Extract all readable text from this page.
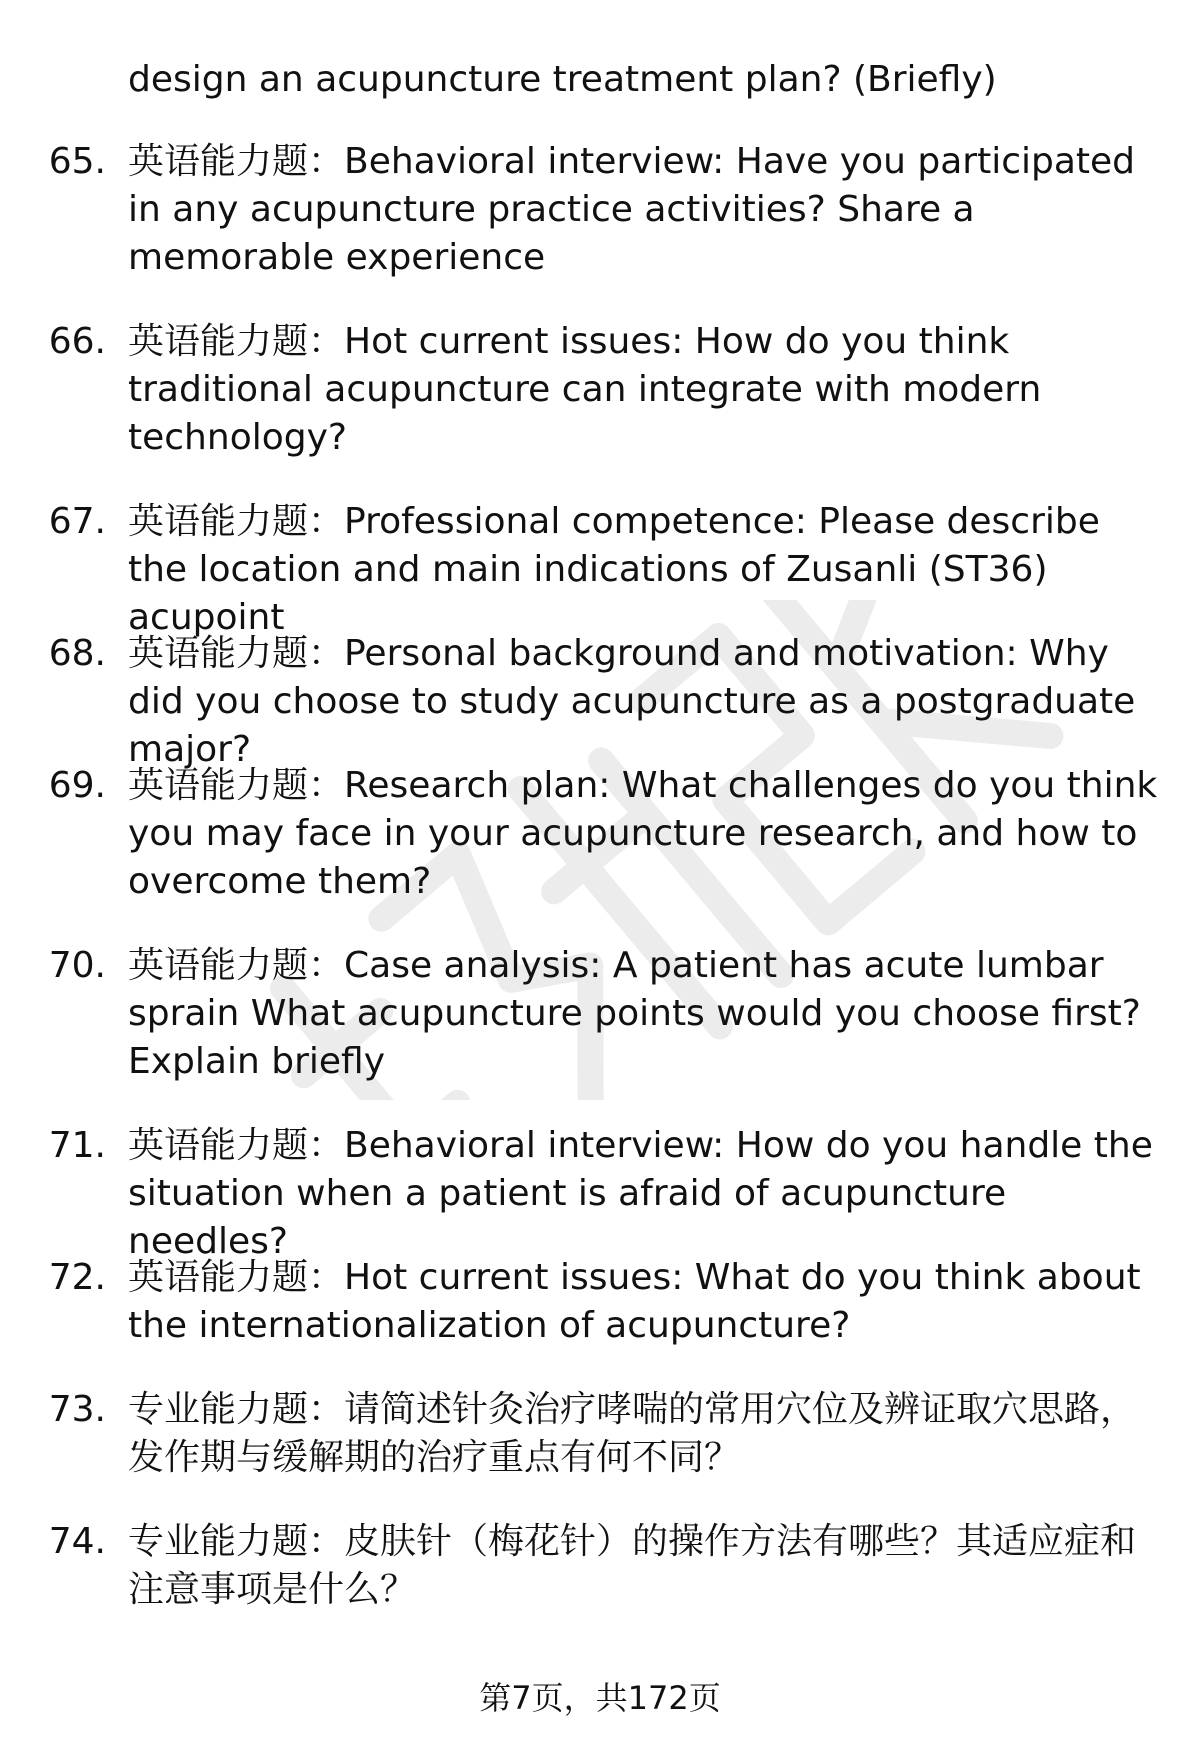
design an acupuncture treatment plan? (Briefly)
65. 英语能力题：Behavioral interview: Have you participated in any acupuncture practice activities? Share a memorable experience
66. 英语能力题：Hot current issues: How do you think traditional acupuncture can integrate with modern technology?
67. 英语能力题：Professional competence: Please describe the location and main indications of Zusanli (ST36) acupoint
68. 英语能力题：Personal background and motivation: Why did you choose to study acupuncture as a postgraduate major?
69. 英语能力题：Research plan: What challenges do you think you may face in your acupuncture research, and how to overcome them?
70. 英语能力题：Case analysis: A patient has acute lumbar sprain What acupuncture points would you choose first? Explain briefly
71. 英语能力题：Behavioral interview: How do you handle the situation when a patient is afraid of acupuncture needles?
72. 英语能力题：Hot current issues: What do you think about the internationalization of acupuncture?
73. 专业能力题：请简述针灸治疗哮喘的常用穴位及辨证取穴思路，发作期与缓解期的治疗重点有何不同？
74. 专业能力题：皮肤针（梅花针）的操作方法有哪些？其适应症和注意事项是什么？
第7页，共172页
